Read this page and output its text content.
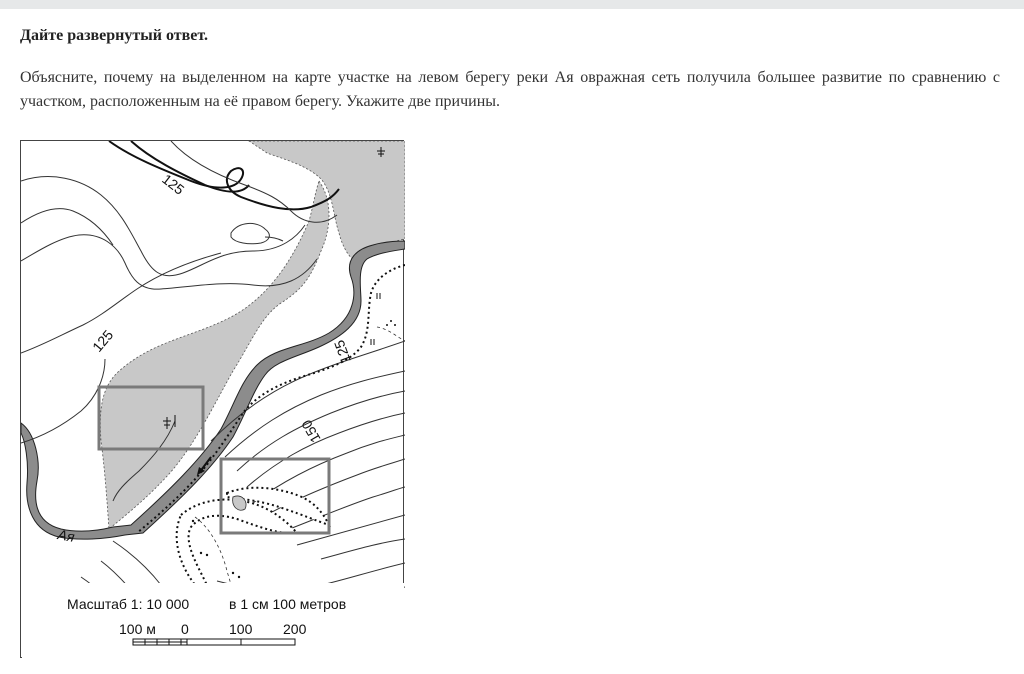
Дайте развернутый ответ.
Объясните, почему на выделенном на карте участке на левом берегу реки Ая овражная сеть получила большее развитие по сравнению с участком, расположенным на её правом берегу. Укажите две причины.
125
125	125
150
Ая
Масштаб 1: 10 000	в 1 см 100 метров
100 м 0	100 200
